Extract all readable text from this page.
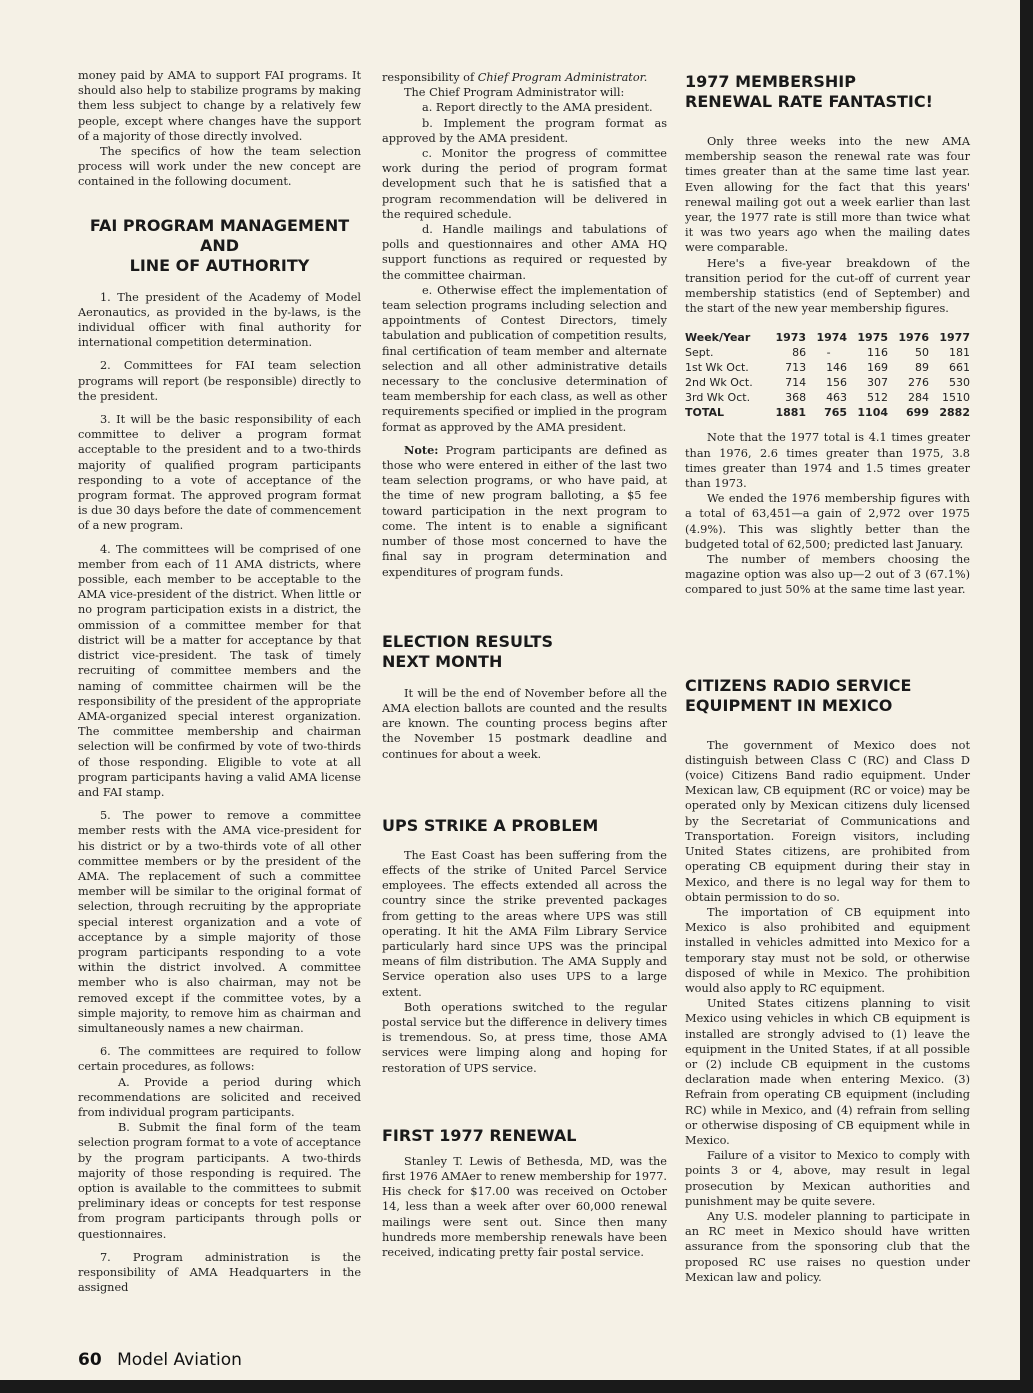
money paid by AMA to support FAI programs. It should also help to stabilize programs by making them less subject to change by a relatively few people, except where changes have the support of a majority of those directly involved.

The specifics of how the team selection process will work under the new concept are contained in the following document.

FAI PROGRAM MANAGEMENT
AND
LINE OF AUTHORITY

1. The president of the Academy of Model Aeronautics, as provided in the by-laws, is the individual officer with final authority for international competition determination.

2. Committees for FAI team selection programs will report (be responsible) directly to the president.

3. It will be the basic responsibility of each committee to deliver a program format acceptable to the president and to a two-thirds majority of qualified program participants responding to a vote of acceptance of the program format. The approved program format is due 30 days before the date of commencement of a new program.

4. The committees will be comprised of one member from each of 11 AMA districts, where possible, each member to be acceptable to the AMA vice-president of the district. When little or no program participation exists in a district, the ommission of a committee member for that district will be a matter for acceptance by that district vice-president. The task of timely recruiting of committee members and the naming of committee chairmen will be the responsibility of the president of the appropriate AMA-organized special interest organization. The committee membership and chairman selection will be confirmed by vote of two-thirds of those responding. Eligible to vote at all program participants having a valid AMA license and FAI stamp.

5. The power to remove a committee member rests with the AMA vice-president for his district or by a two-thirds vote of all other committee members or by the president of the AMA. The replacement of such a committee member will be similar to the original format of selection, through recruiting by the appropriate special interest organization and a vote of acceptance by a simple majority of those program participants responding to a vote within the district involved. A committee member who is also chairman, may not be removed except if the committee votes, by a simple majority, to remove him as chairman and simultaneously names a new chairman.

6. The committees are required to follow certain procedures, as follows:

A. Provide a period during which recommendations are solicited and received from individual program participants.

B. Submit the final form of the team selection program format to a vote of acceptance by the program participants. A two-thirds majority of those responding is required. The option is available to the committees to submit preliminary ideas or concepts for test response from program participants through polls or questionnaires.

7. Program administration is the responsibility of AMA Headquarters in the assigned

responsibility of Chief Program Administrator.

The Chief Program Administrator will:

a. Report directly to the AMA president.

b. Implement the program format as approved by the AMA president.

c. Monitor the progress of committee work during the period of program format development such that he is satisfied that a program recommendation will be delivered in the required schedule.

d. Handle mailings and tabulations of polls and questionnaires and other AMA HQ support functions as required or requested by the committee chairman.

e. Otherwise effect the implementation of team selection programs including selection and appointments of Contest Directors, timely tabulation and publication of competition results, final certification of team member and alternate selection and all other administrative details necessary to the conclusive determination of team membership for each class, as well as other requirements specified or implied in the program format as approved by the AMA president.

Note: Program participants are defined as those who were entered in either of the last two team selection programs, or who have paid, at the time of new program balloting, a $5 fee toward participation in the next program to come. The intent is to enable a significant number of those most concerned to have the final say in program determination and expenditures of program funds.

ELECTION RESULTS
NEXT MONTH

It will be the end of November before all the AMA election ballots are counted and the results are known. The counting process begins after the November 15 postmark deadline and continues for about a week.

UPS STRIKE A PROBLEM

The East Coast has been suffering from the effects of the strike of United Parcel Service employees. The effects extended all across the country since the strike prevented packages from getting to the areas where UPS was still operating. It hit the AMA Film Library Service particularly hard since UPS was the principal means of film distribution. The AMA Supply and Service operation also uses UPS to a large extent.

Both operations switched to the regular postal service but the difference in delivery times is tremendous. So, at press time, those AMA services were limping along and hoping for restoration of UPS service.

FIRST 1977 RENEWAL

Stanley T. Lewis of Bethesda, MD, was the first 1976 AMAer to renew membership for 1977. His check for $17.00 was received on October 14, less than a week after over 60,000 renewal mailings were sent out. Since then many hundreds more membership renewals have been received, indicating pretty fair postal service.

1977 MEMBERSHIP
RENEWAL RATE FANTASTIC!

Only three weeks into the new AMA membership season the renewal rate was four times greater than at the same time last year. Even allowing for the fact that this years' renewal mailing got out a week earlier than last year, the 1977 rate is still more than twice what it was two years ago when the mailing dates were comparable.

Here's a five-year breakdown of the transition period for the cut-off of current year membership statistics (end of September) and the start of the new year membership figures.

Week/Year	1973	1974	1975	1976	1977
Sept.	86	-	116	50	181
1st Wk Oct.	713	146	169	89	661
2nd Wk Oct.	714	156	307	276	530
3rd Wk Oct.	368	463	512	284	1510
TOTAL	1881	765	1104	699	2882

Note that the 1977 total is 4.1 times greater than 1976, 2.6 times greater than 1975, 3.8 times greater than 1974 and 1.5 times greater than 1973.

We ended the 1976 membership figures with a total of 63,451—a gain of 2,972 over 1975 (4.9%). This was slightly better than the budgeted total of 62,500; predicted last January.

The number of members choosing the magazine option was also up—2 out of 3 (67.1%) compared to just 50% at the same time last year.

CITIZENS RADIO SERVICE
EQUIPMENT IN MEXICO

The government of Mexico does not distinguish between Class C (RC) and Class D (voice) Citizens Band radio equipment. Under Mexican law, CB equipment (RC or voice) may be operated only by Mexican citizens duly licensed by the Secretariat of Communications and Transportation. Foreign visitors, including United States citizens, are prohibited from operating CB equipment during their stay in Mexico, and there is no legal way for them to obtain permission to do so.

The importation of CB equipment into Mexico is also prohibited and equipment installed in vehicles admitted into Mexico for a temporary stay must not be sold, or otherwise disposed of while in Mexico. The prohibition would also apply to RC equipment.

United States citizens planning to visit Mexico using vehicles in which CB equipment is installed are strongly advised to (1) leave the equipment in the United States, if at all possible or (2) include CB equipment in the customs declaration made when entering Mexico. (3) Refrain from operating CB equipment (including RC) while in Mexico, and (4) refrain from selling or otherwise disposing of CB equipment while in Mexico.

Failure of a visitor to Mexico to comply with points 3 or 4, above, may result in legal prosecution by Mexican authorities and punishment may be quite severe.

Any U.S. modeler planning to participate in an RC meet in Mexico should have written assurance from the sponsoring club that the proposed RC use raises no question under Mexican law and policy.

60 Model Aviation
